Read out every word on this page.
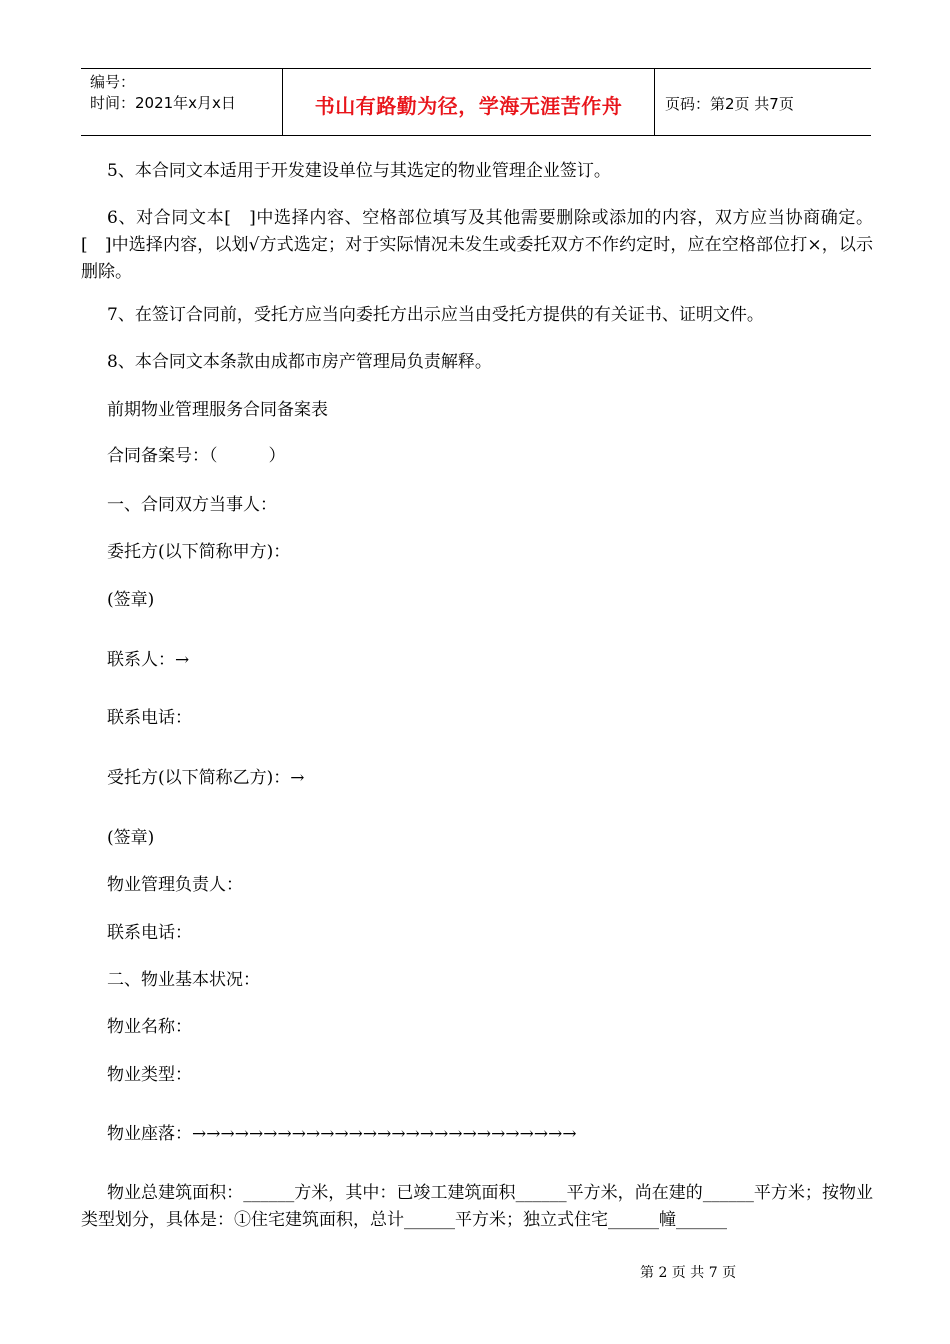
编号：
时间：2021年x月x日	书山有路勤为径，学海无涯苦作舟	页码：第2页 共7页
5、本合同文本适用于开发建设单位与其选定的物业管理企业签订。
6、对合同文本[　]中选择内容、空格部位填写及其他需要删除或添加的内容，双方应当协商确定。[　]中选择内容，以划√方式选定；对于实际情况未发生或委托双方不作约定时，应在空格部位打×，以示删除。
7、在签订合同前，受托方应当向委托方出示应当由受托方提供的有关证书、证明文件。
8、本合同文本条款由成都市房产管理局负责解释。
前期物业管理服务合同备案表
合同备案号：（　　　）
一、合同双方当事人：
委托方(以下简称甲方)：
(签章)
联系人：→
联系电话：
受托方(以下简称乙方)：→
(签章)
物业管理负责人：
联系电话：
二、物业基本状况：
物业名称：
物业类型：
物业座落：→→→→→→→→→→→→→→→→→→→→→→→→→→→
物业总建筑面积：______方米，其中：已竣工建筑面积______平方米，尚在建的______平方米；按物业类型划分，具体是：①住宅建筑面积，总计______平方米；独立式住宅______幢______
第 2 页 共 7 页
